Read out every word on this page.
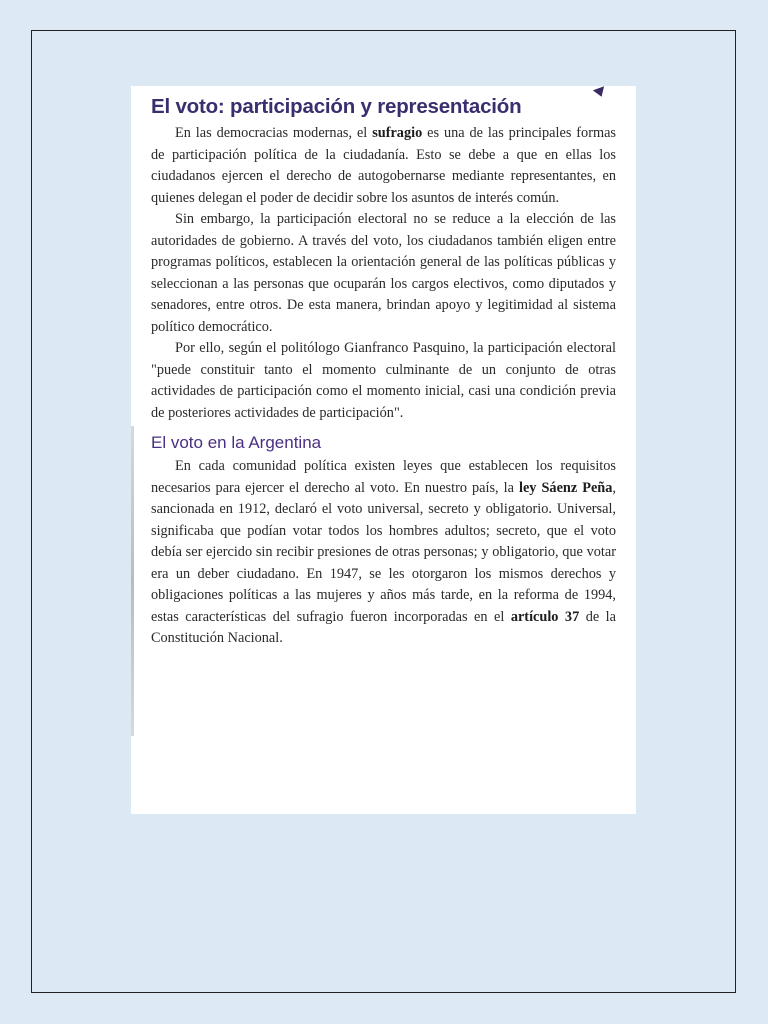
El voto: participación y representación

En las democracias modernas, el sufragio es una de las principales formas de participación política de la ciudadanía. Esto se debe a que en ellas los ciudadanos ejercen el derecho de autogobernarse mediante representantes, en quienes delegan el poder de decidir sobre los asuntos de interés común.

Sin embargo, la participación electoral no se reduce a la elección de las autoridades de gobierno. A través del voto, los ciudadanos también eligen entre programas políticos, establecen la orientación general de las políticas públicas y seleccionan a las personas que ocuparán los cargos electivos, como diputados y senadores, entre otros. De esta manera, brindan apoyo y legitimidad al sistema político democrático.

Por ello, según el politólogo Gianfranco Pasquino, la participación electoral "puede constituir tanto el momento culminante de un conjunto de otras actividades de participación como el momento inicial, casi una condición previa de posteriores actividades de participación".

El voto en la Argentina

En cada comunidad política existen leyes que establecen los requisitos necesarios para ejercer el derecho al voto. En nuestro país, la ley Sáenz Peña, sancionada en 1912, declaró el voto universal, secreto y obligatorio. Universal, significaba que podían votar todos los hombres adultos; secreto, que el voto debía ser ejercido sin recibir presiones de otras personas; y obligatorio, que votar era un deber ciudadano. En 1947, se les otorgaron los mismos derechos y obligaciones políticas a las mujeres y años más tarde, en la reforma de 1994, estas características del sufragio fueron incorporadas en el artículo 37 de la Constitución Nacional.
